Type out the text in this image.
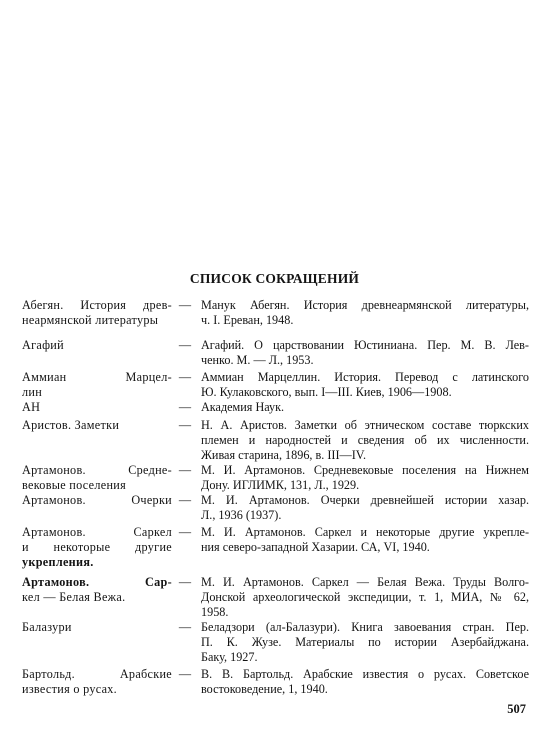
СПИСОК СОКРАЩЕНИЙ
Абегян. История древ-
неармянской литературы
— Манук Абегян. История древнеармянской литературы,
ч. I. Ереван, 1948.
Агафий	— Агафий. О царствовании Юстиниана. Пер. М. В. Лев-
ченко. М. — Л., 1953.
Аммиан Марцел-
лин
— Аммиан Марцеллин. История. Перевод с латинского
Ю. Кулаковского, вып. I—III. Киев, 1906—1908.
АН	— Академия Наук.
Аристов. Заметки	— Н. А. Аристов. Заметки об этническом составе тюркских
племен и народностей и сведения об их численности.
Живая старина, 1896, в. III—IV.
Артамонов. Средне-
вековые поселения
— М. И. Артамонов. Средневековые поселения на Нижнем
Дону. ИГЛИМК, 131, Л., 1929.
Артамонов. Очерки — М. И. Артамонов. Очерки древнейшей истории хазар.
Л., 1936 (1937).
Артамонов. Саркел
и некоторые другие
укрепления.
— М. И. Артамонов. Саркел и некоторые другие укрепле-
ния северо-западной Хазарии. СА, VI, 1940.
Артамонов. Сар-
кел — Белая Вежа.
— М. И. Артамонов. Саркел — Белая Вежа. Труды Волго-
Донской археологической экспедиции, т. 1, МИА, № 62,
1958.
Балазури	— Беладзори (ал-Балазури). Книга завоевания стран. Пер.
П. К. Жузе. Материалы по истории Азербайджана.
Баку, 1927.
Бартольд. Арабские
известия о русах.
— В. В. Бартольд. Арабские известия о русах. Советское
востоковедение, 1, 1940.
507
